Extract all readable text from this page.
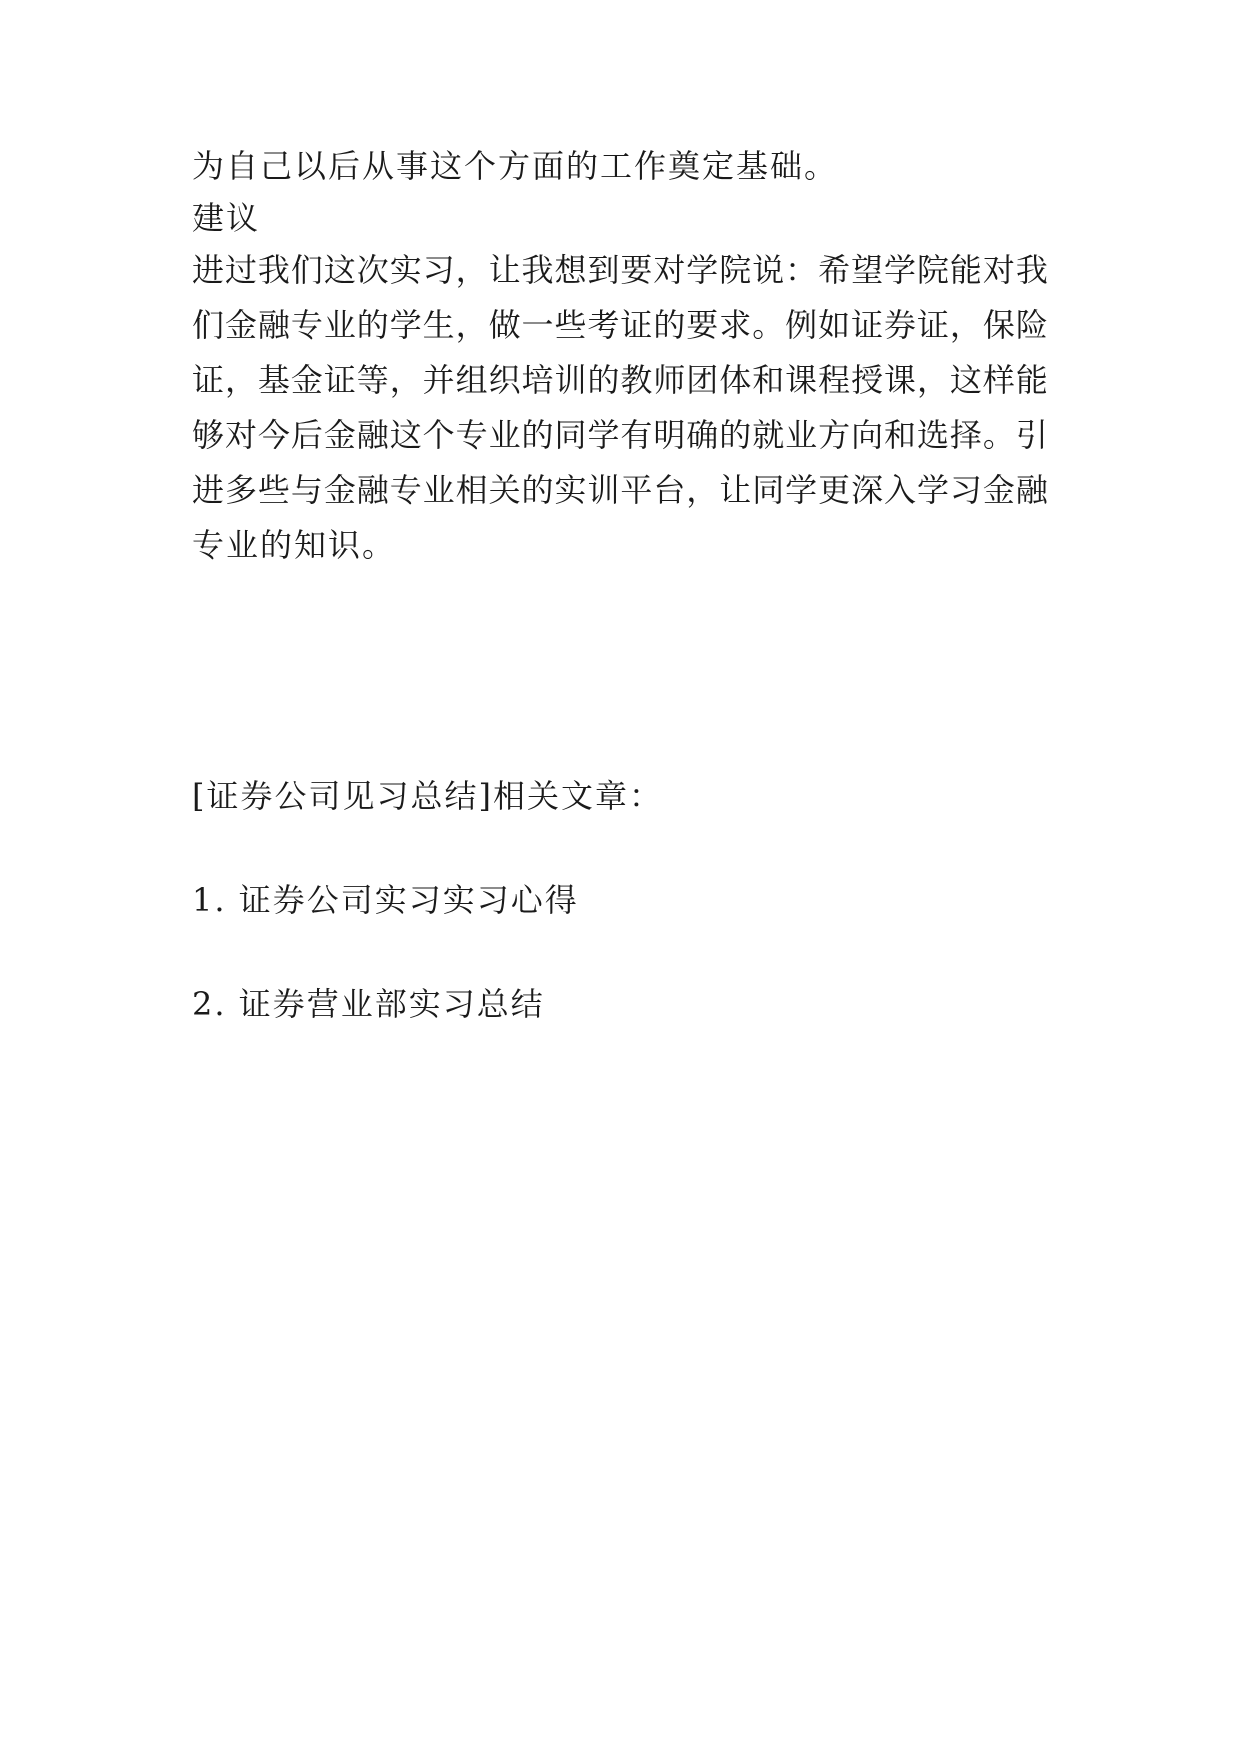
为自己以后从事这个方面的工作奠定基础。
建议
进 过 我 们 这 次 实 习 ， 让 我 想 到 要 对 学 院 说 ： 希 望 学 院 能 对 我
们 金 融 专 业 的 学 生 ， 做 一 些 考 证 的 要 求 。 例 如 证 券 证 ， 保 险
证 ， 基 金 证 等 ， 并 组 织 培 训 的 教 师 团 体 和 课 程 授 课 ， 这 样 能
够 对 今 后 金 融 这 个 专 业 的 同 学 有 明 确 的 就 业 方 向 和 选 择 。 引
进 多 些 与 金 融 专 业 相 关 的 实 训 平 台 ， 让 同 学 更 深 入 学 习 金 融
专业的知识。
[证券公司见习总结]相关文章：
1. 证券公司实习实习心得
2. 证券营业部实习总结
